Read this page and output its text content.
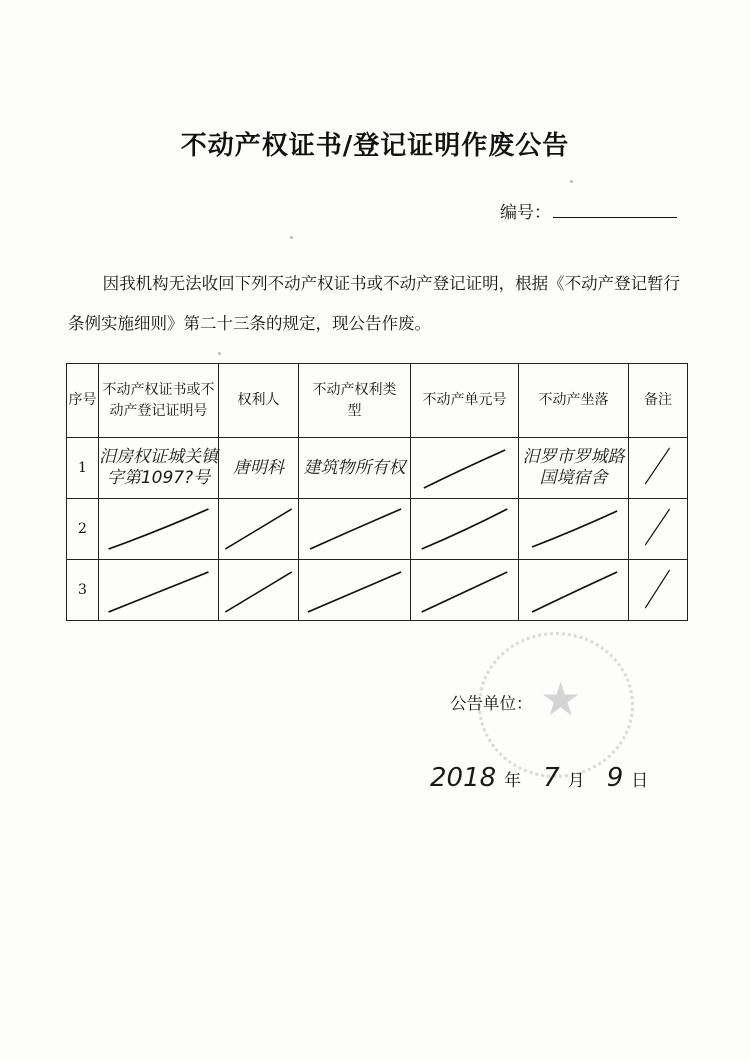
不动产权证书/登记证明作废公告
编号：
因我机构无法收回下列不动产权证书或不动产登记证明，根据《不动产登记暂行条例实施细则》第二十三条的规定，现公告作废。
序号	不动产权证书或不动产登记证明号	权利人	不动产权利类　型	不动产单元号	不动产坐落	备注
1	汨房权证城关镇字第1097?号	唐明科	建筑物所有权		汨罗市罗城路国境宿舍	

2	

3	

★
公告单位：
2018 年 7 月 9 日
